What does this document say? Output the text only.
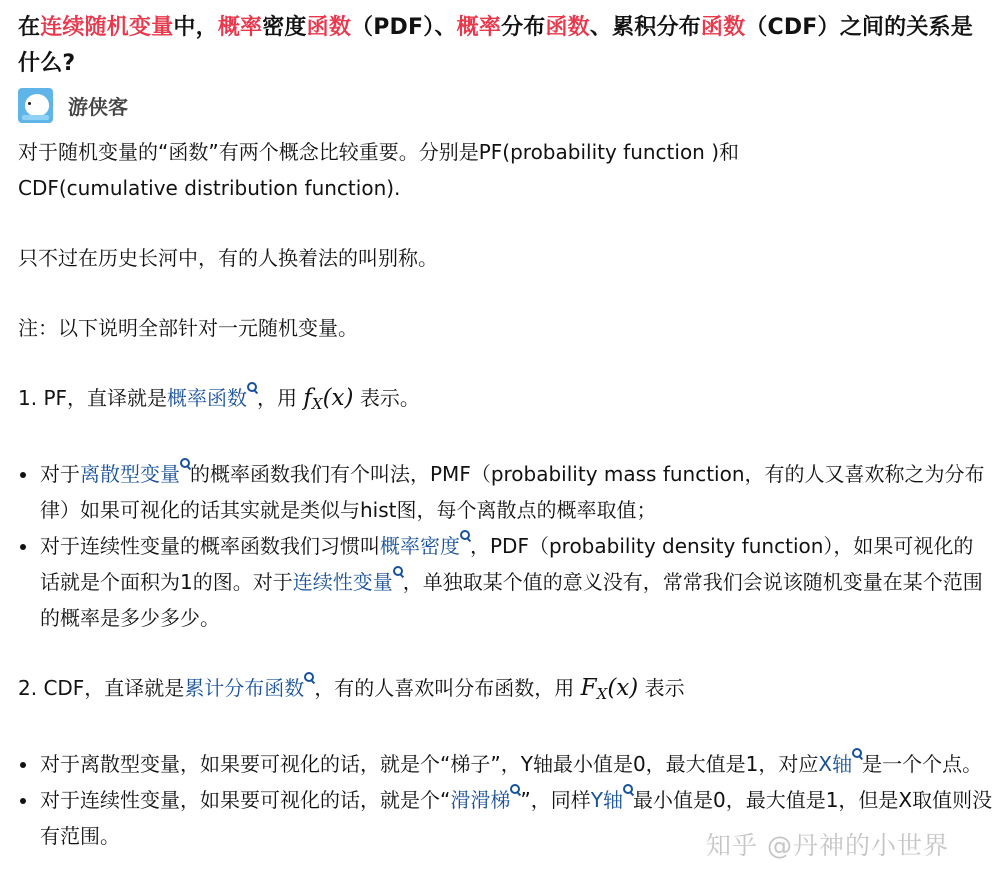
在连续随机变量中，概率密度函数（PDF）、概率分布函数、累积分布函数（CDF）之间的关系是什么?
游侠客

对于随机变量的“函数”有两个概念比较重要。分别是PF(probability function )和
CDF(cumulative distribution function).

只不过在历史长河中，有的人换着法的叫别称。

注：以下说明全部针对一元随机变量。

1. PF，直译就是概率函数 ，用 $f_X(x)$ 表示。

对于离散型变量 的概率函数我们有个叫法，PMF（probability mass function，有的人又喜欢称之为分布律）如果可视化的话其实就是类似与hist图，每个离散点的概率取值；
对于连续性变量的概率函数我们习惯叫概率密度 ，PDF（probability density function），如果可视化的话就是个面积为1的图。对于连续性变量 ，单独取某个值的意义没有，常常我们会说该随机变量在某个范围的概率是多少多少。

2. CDF，直译就是累计分布函数 ，有的人喜欢叫分布函数，用 $F_X(x)$ 表示

对于离散型变量，如果要可视化的话，就是个“梯子”，Y轴最小值是0，最大值是1，对应X轴 是一个个点。
对于连续性变量，如果要可视化的话，就是个“滑滑梯 ”，同样Y轴 最小值是0，最大值是1，但是X取值则没有范围。	知乎 @丹神的小世界
